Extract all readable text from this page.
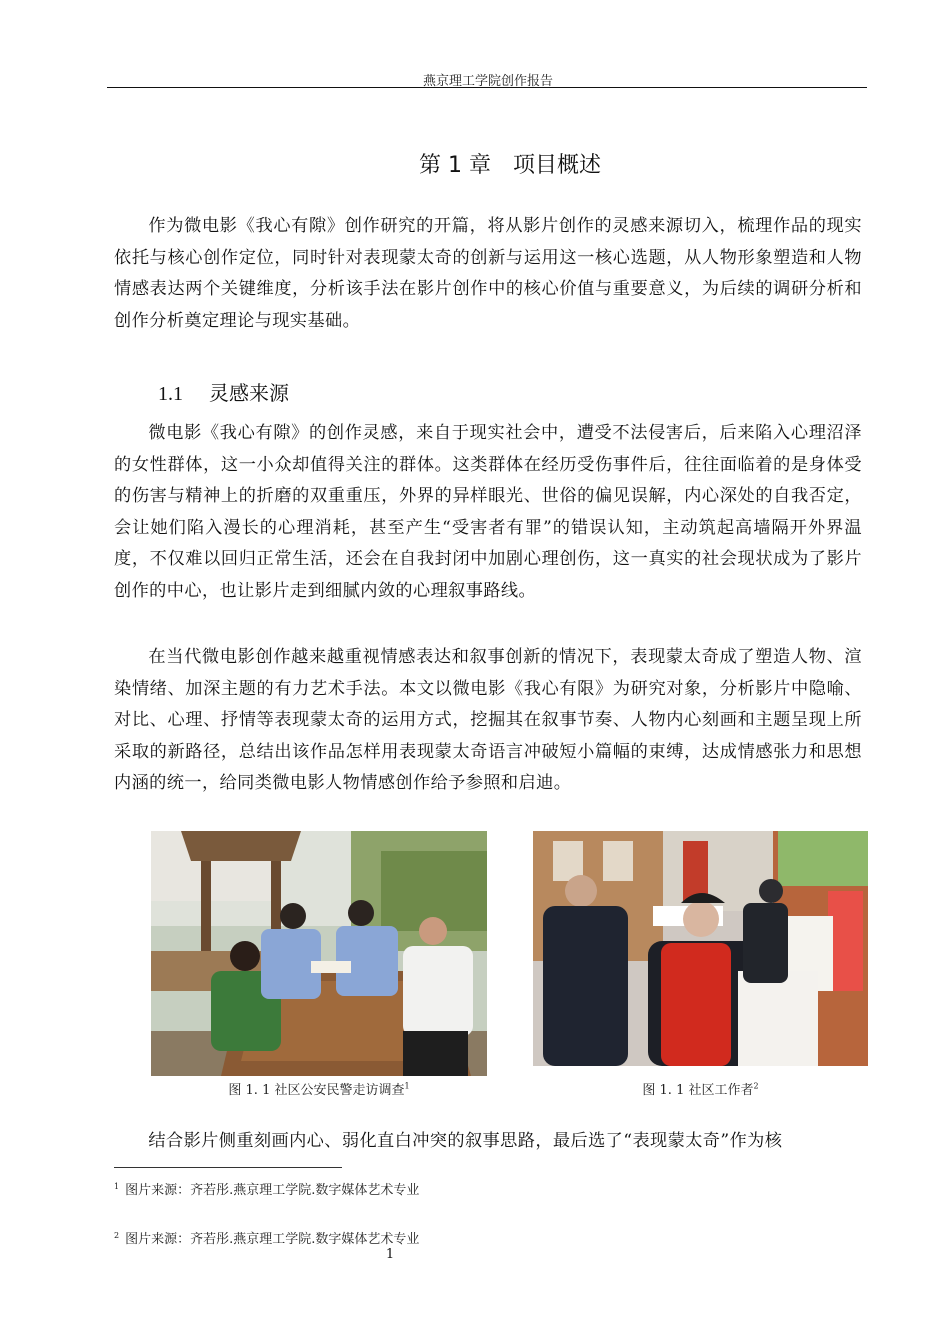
燕京理工学院创作报告
第 1 章 项目概述

作为微电影《我心有隙》创作研究的开篇，将从影片创作的灵感来源切入，梳理作品的现实依托与核心创作定位，同时针对表现蒙太奇的创新与运用这一核心选题，从人物形象塑造和人物情感表达两个关键维度，分析该手法在影片创作中的核心价值与重要意义，为后续的调研分析和创作分析奠定理论与现实基础。

1.1 灵感来源

微电影《我心有隙》的创作灵感，来自于现实社会中，遭受不法侵害后，后来陷入心理沼泽的女性群体，这一小众却值得关注的群体。这类群体在经历受伤事件后，往往面临着的是身体受的伤害与精神上的折磨的双重重压，外界的异样眼光、世俗的偏见误解，内心深处的自我否定，会让她们陷入漫长的心理消耗，甚至产生“受害者有罪”的错误认知，主动筑起高墙隔开外界温度，不仅难以回归正常生活，还会在自我封闭中加剧心理创伤，这一真实的社会现状成为了影片创作的中心，也让影片走到细腻内敛的心理叙事路线。

在当代微电影创作越来越重视情感表达和叙事创新的情况下，表现蒙太奇成了塑造人物、渲染情绪、加深主题的有力艺术手法。本文以微电影《我心有限》为研究对象，分析影片中隐喻、对比、心理、抒情等表现蒙太奇的运用方式，挖掘其在叙事节奏、人物内心刻画和主题呈现上所采取的新路径，总结出该作品怎样用表现蒙太奇语言冲破短小篇幅的束缚，达成情感张力和思想内涵的统一，给同类微电影人物情感创作给予参照和启迪。

图 1. 1 社区公安民警走访调查$^1$	图 1. 1 社区工作者$^2$

结合影片侧重刻画内心、弱化直白冲突的叙事思路，最后选了“表现蒙太奇”作为核

$^1$ 图片来源：齐若彤.燕京理工学院.数字媒体艺术专业
$^2$ 图片来源：齐若彤.燕京理工学院.数字媒体艺术专业
1
